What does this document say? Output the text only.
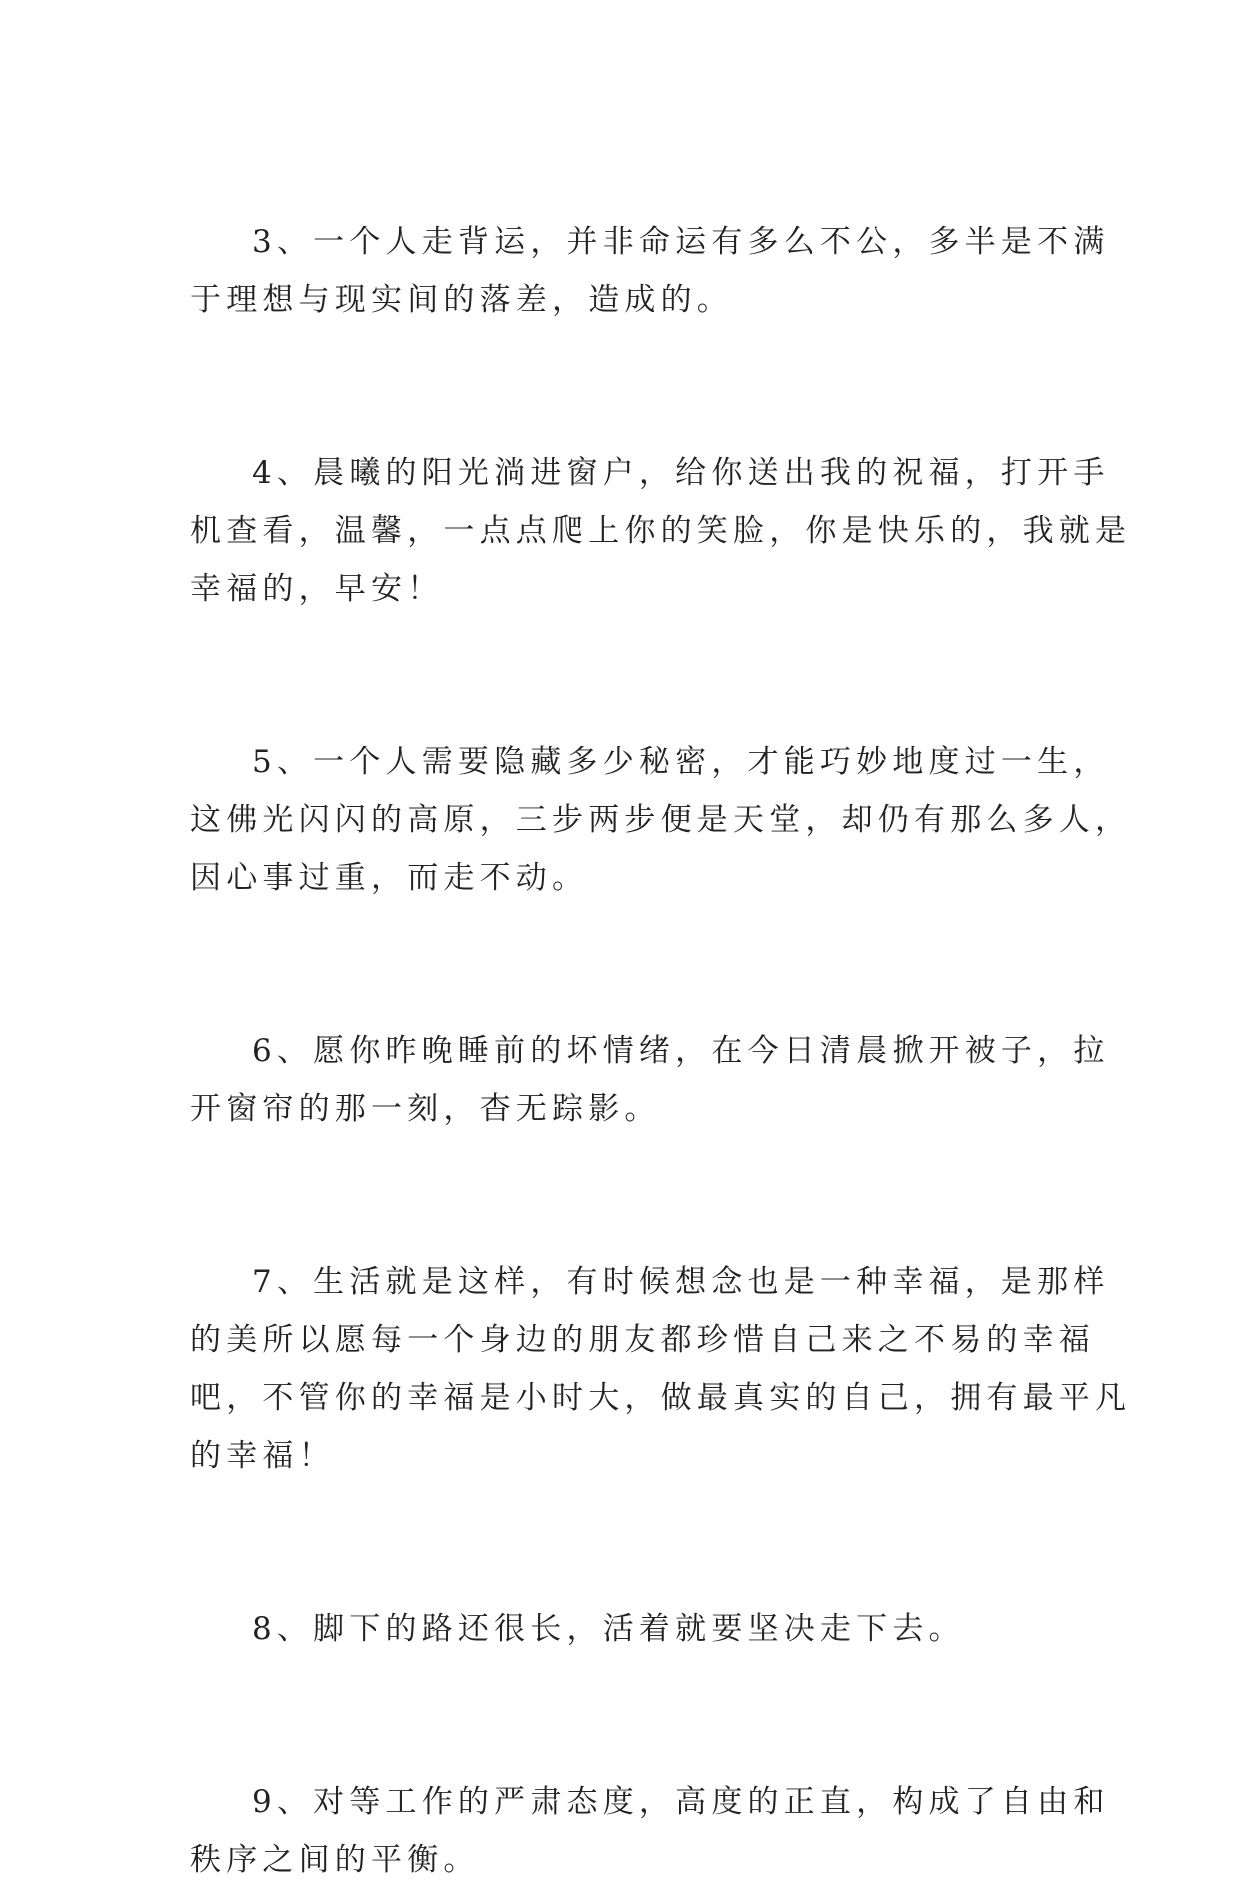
3、一个人走背运，并非命运有多么不公，多半是不满
于理想与现实间的落差，造成的。

4、晨曦的阳光淌进窗户，给你送出我的祝福，打开手
机查看，温馨，一点点爬上你的笑脸，你是快乐的，我就是
幸福的，早安！

5、一个人需要隐藏多少秘密，才能巧妙地度过一生，
这佛光闪闪的高原，三步两步便是天堂，却仍有那么多人，
因心事过重，而走不动。

6、愿你昨晚睡前的坏情绪，在今日清晨掀开被子，拉
开窗帘的那一刻，杳无踪影。

7、生活就是这样，有时候想念也是一种幸福，是那样
的美所以愿每一个身边的朋友都珍惜自己来之不易的幸福
吧，不管你的幸福是小时大，做最真实的自己，拥有最平凡
的幸福！

8、脚下的路还很长，活着就要坚决走下去。

9、对等工作的严肃态度，高度的正直，构成了自由和
秩序之间的平衡。
